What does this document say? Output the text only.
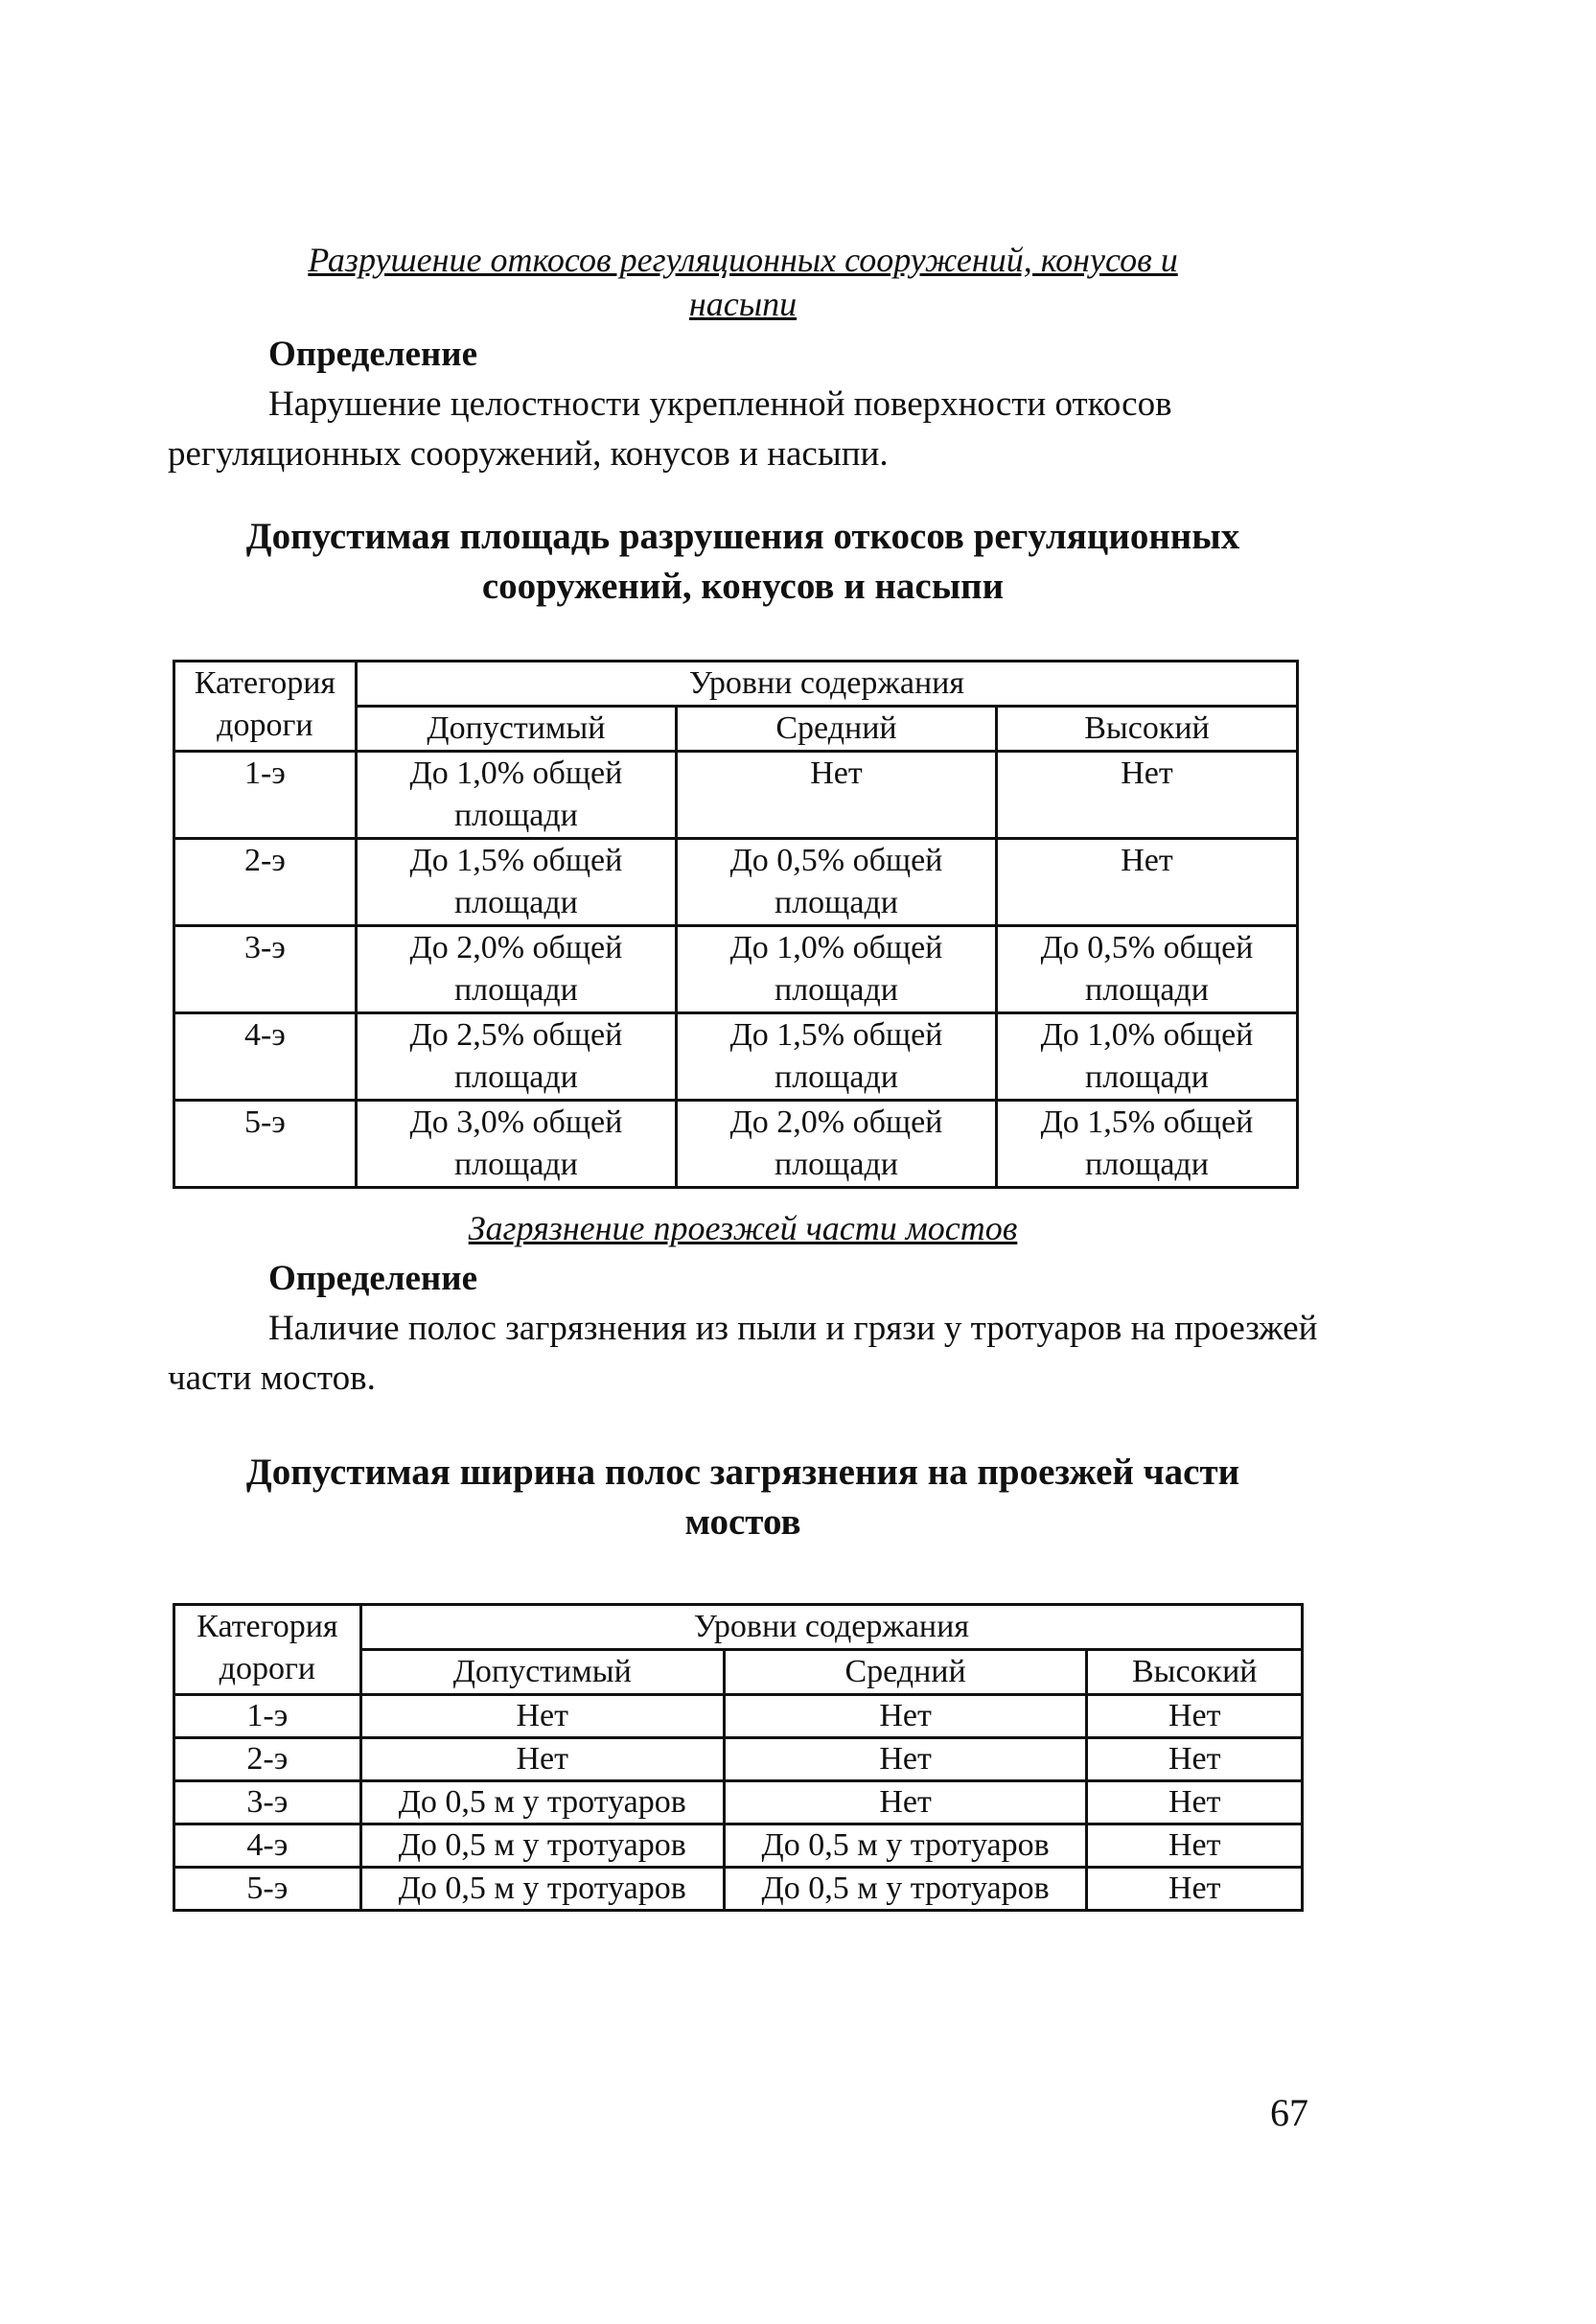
Разрушение откосов регуляционных сооружений, конусов и
насыпи
Определение

Нарушение целостности укрепленной поверхности откосов регуляционных сооружений, конусов и насыпи.

Допустимая площадь разрушения откосов регуляционных
сооружений, конусов и насыпи
Категория дороги	Уровни содержания		
	Допустимый	Средний	Высокий
1-э	До 1,0% общей площади	Нет	Нет
2-э	До 1,5% общей площади	До 0,5% общей площади	Нет
3-э	До 2,0% общей площади	До 1,0% общей площади	До 0,5% общей площади
4-э	До 2,5% общей площади	До 1,5% общей площади	До 1,0% общей площади
5-э	До 3,0% общей площади	До 2,0% общей площади	До 1,5% общей площади
Загрязнение проезжей части мостов
Определение

Наличие полос загрязнения из пыли и грязи у тротуаров на проезжей части мостов.

Допустимая ширина полос загрязнения на проезжей части
мостов
Категория дороги	Уровни содержания		
	Допустимый	Средний	Высокий
1-э	Нет	Нет	Нет
2-э	Нет	Нет	Нет
3-э	До 0,5 м у тротуаров	Нет	Нет
4-э	До 0,5 м у тротуаров	До 0,5 м у тротуаров	Нет
5-э	До 0,5 м у тротуаров	До 0,5 м у тротуаров	Нет
67
